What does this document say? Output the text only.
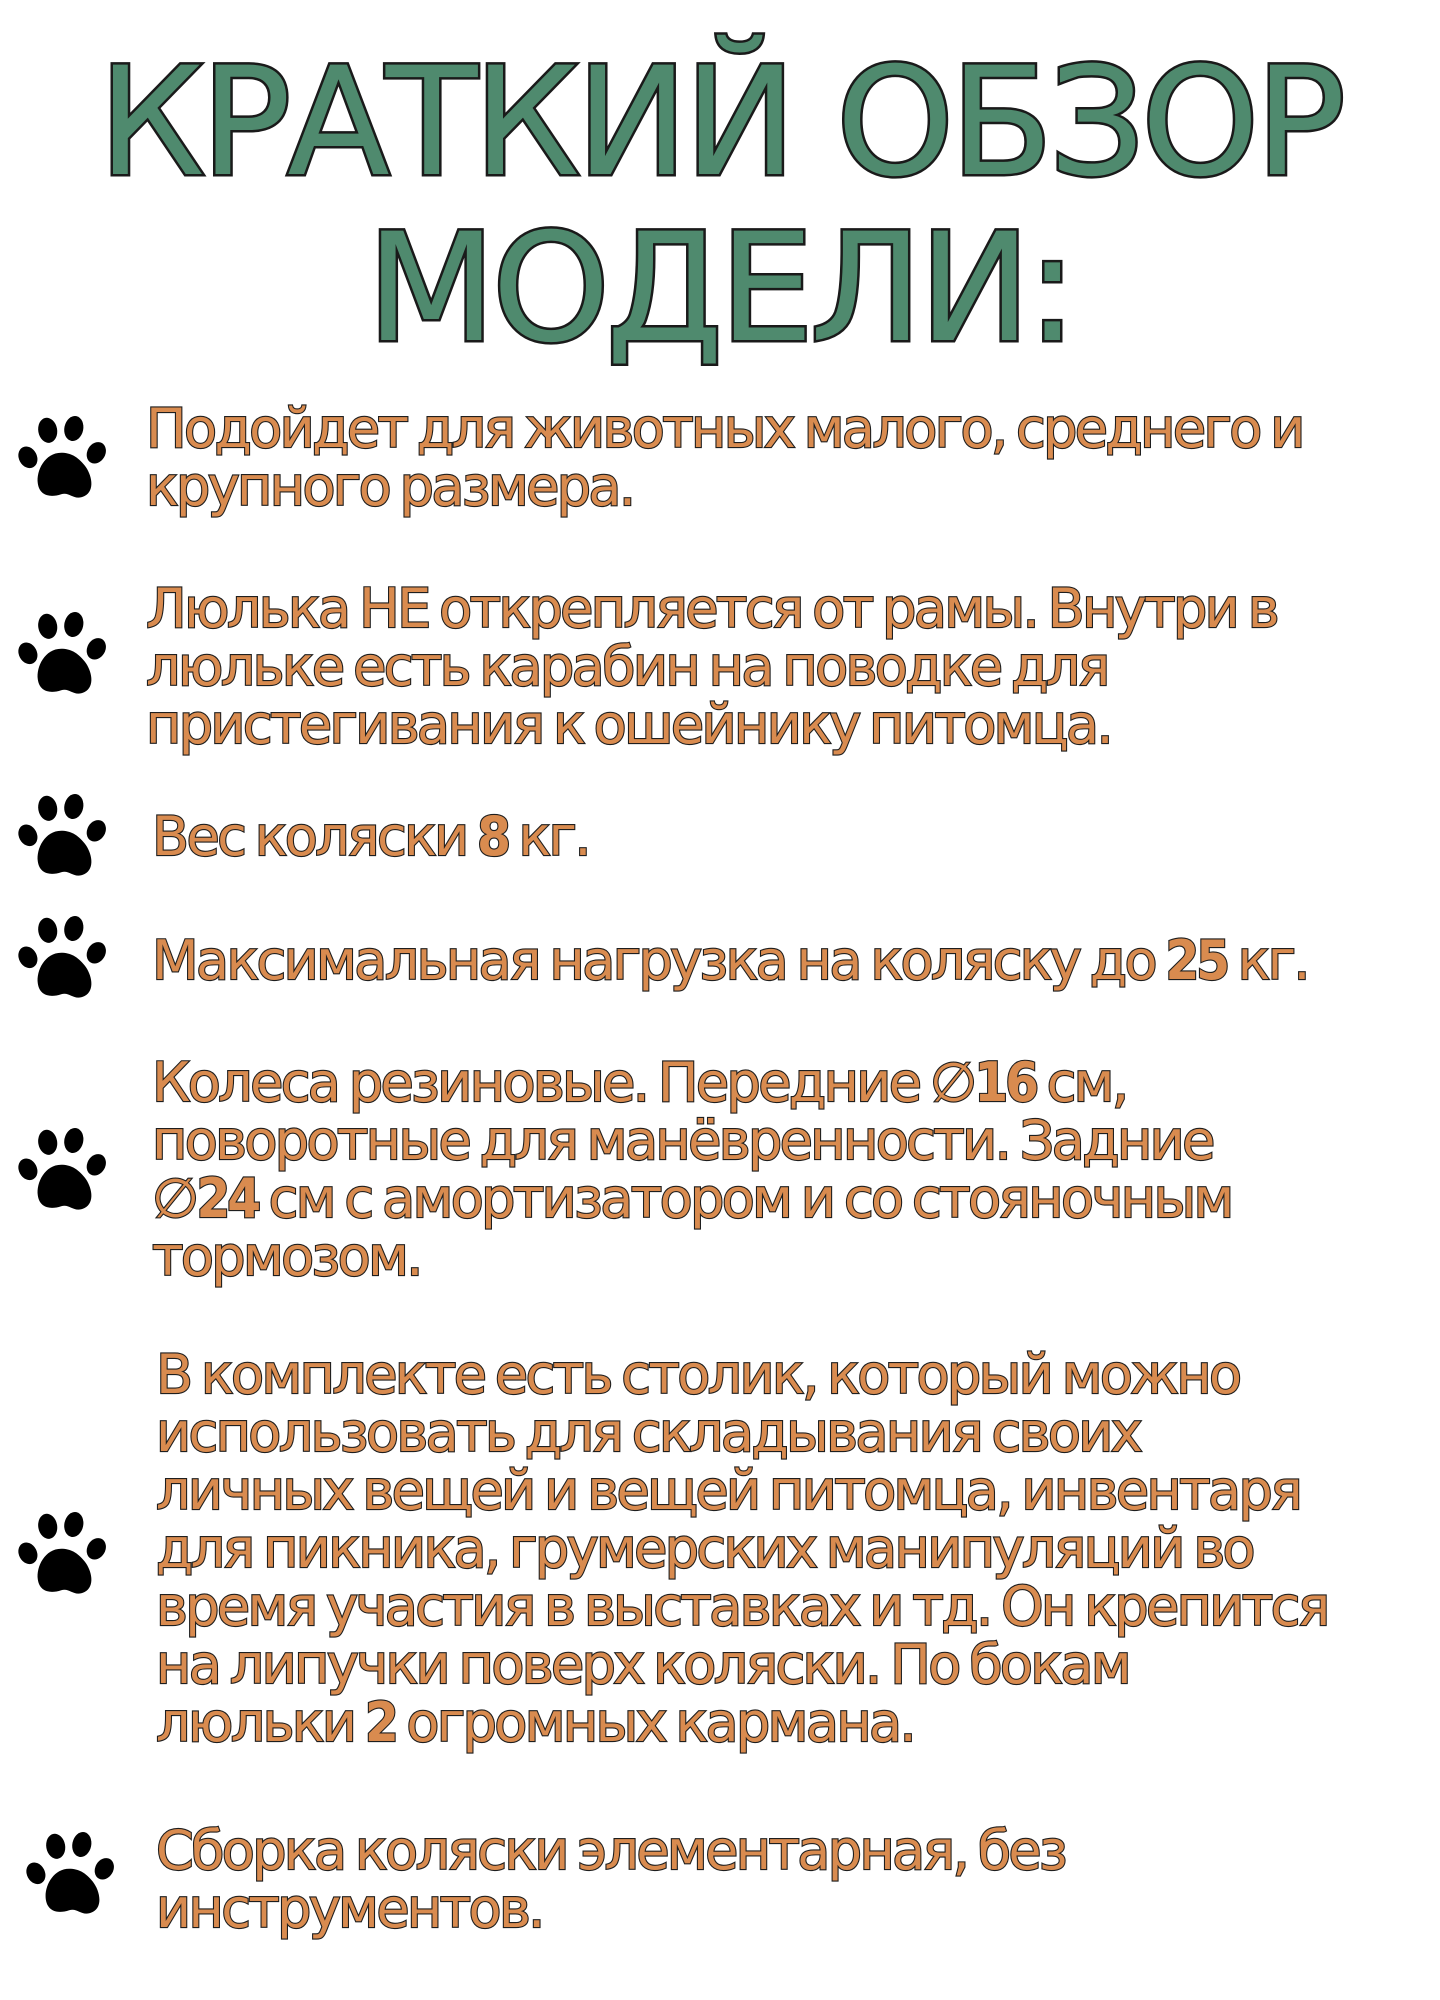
КРАТКИЙ ОБЗОР
МОДЕЛИ:

Подойдет для животных малого, среднего и
крупного размера.

Люлька НЕ открепляется от рамы. Внутри в
люльке есть карабин на поводке для
пристегивания к ошейнику питомца.

Вес коляски 8 кг.

Максимальная нагрузка на коляску до 25 кг.

Колеса резиновые. Передние ∅16 см,
поворотные для манёвренности. Задние
∅24 см с амортизатором и со стояночным
тормозом.

В комплекте есть столик, который можно
использовать для складывания своих
личных вещей и вещей питомца, инвентаря
для пикника, грумерских манипуляций во
время участия в выставках и тд. Он крепится
на липучки поверх коляски. По бокам
люльки 2 огромных кармана.

Сборка коляски элементарная, без
инструментов.
